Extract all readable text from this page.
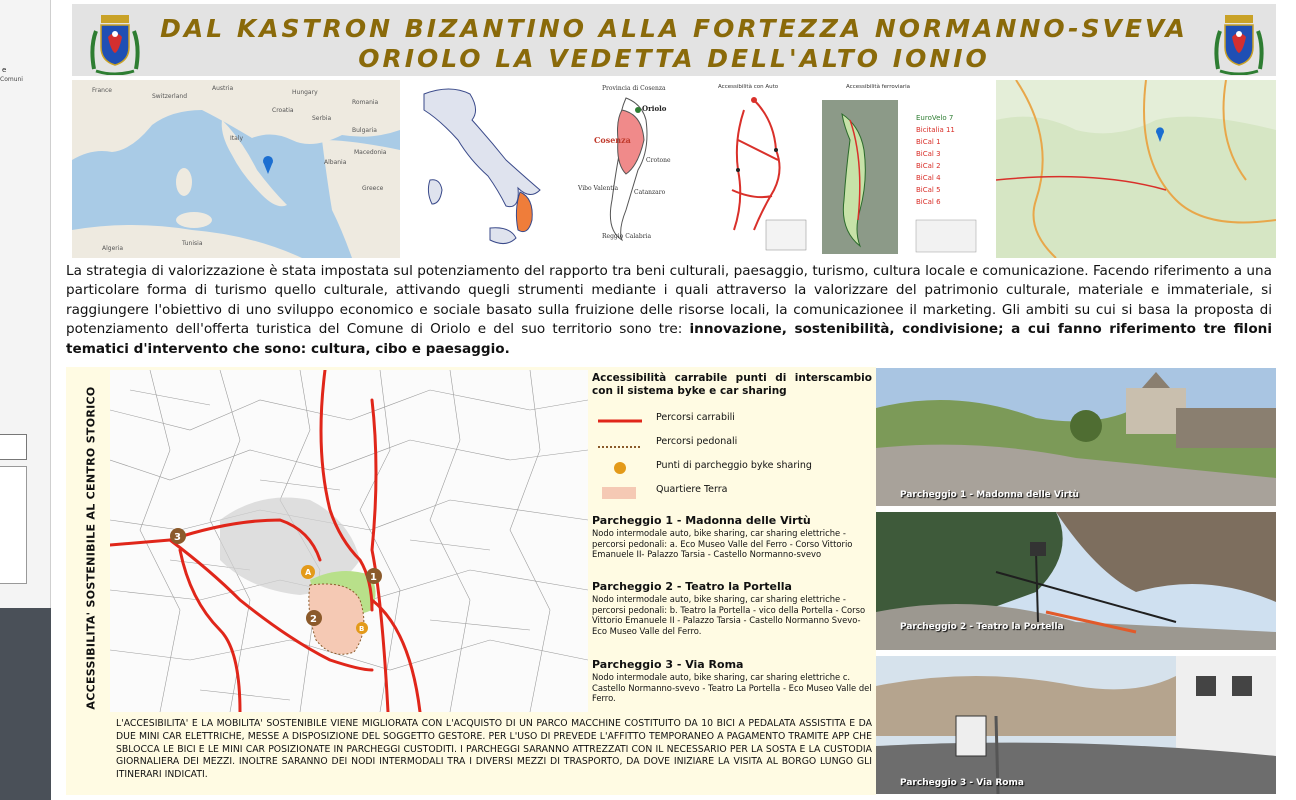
e
Comuni
DAL KASTRON BIZANTINO ALLA FORTEZZA NORMANNO-SVEVA
ORIOLO LA VEDETTA DELL'ALTO IONIO
France
Switzerland
Austria
Hungary
Romania
Croatia
Serbia
Italy
Bulgaria
Tunisia
Algeria
Albania
Greece
Macedonia
Provincia di Cosenza
Oriolo
Cosenza
Crotone
Vibo Valentia
Catanzaro
Reggio Calabria
Accessibilità con Auto	Accessibilità ferroviaria
EuroVelo 7
Bicitalia 11
BiCal 1
BiCal 3
BiCal 2
BiCal 4
BiCal 5
BiCal 6
La strategia di valorizzazione è stata impostata sul potenziamento del rapporto tra beni culturali, paesaggio, turismo, cultura locale e comunicazione. Facendo riferimento a una particolare forma di turismo quello culturale, attivando quegli strumenti mediante i quali attraverso la valorizzare del patrimonio culturale, materiale e immateriale, si raggiungere l'obiettivo di uno sviluppo economico e sociale basato sulla fruizione delle risorse locali, la comunicazionee il marketing. Gli ambiti su cui si basa la proposta di potenziamento dell'offerta turistica del Comune di Oriolo e del suo territorio sono tre: innovazione, sostenibilità, condivisione; a cui fanno riferimento tre filoni tematici d'intervento che sono: cultura, cibo e paesaggio.
ACCESSIBILITA' SOSTENIBILE AL CENTRO STORICO	3
1
2
A
B
Accessibilità carrabile punti di interscambio con il sistema byke e car sharing
Percorsi carrabili
Percorsi pedonali
Punti di parcheggio byke sharing
Quartiere Terra
Parcheggio 1 - Madonna delle Virtù
Nodo intermodale auto, bike sharing, car sharing elettriche - percorsi pedonali: a. Eco Museo Valle del Ferro - Corso Vittorio Emanuele II- Palazzo Tarsia - Castello Normanno-svevo
Parcheggio 2 - Teatro la Portella
Nodo intermodale auto, bike sharing, car sharing elettriche - percorsi pedonali: b. Teatro la Portella - vico della Portella - Corso Vittorio Emanuele II - Palazzo Tarsia - Castello Normanno Svevo- Eco Museo Valle del Ferro.
Parcheggio 3 - Via Roma
Nodo intermodale auto, bike sharing, car sharing elettriche c. Castello Normanno-svevo - Teatro La Portella - Eco Museo Valle del Ferro.
L'ACCESIBILITA' E LA MOBILITA' SOSTENIBILE VIENE MIGLIORATA CON L'ACQUISTO DI UN PARCO MACCHINE COSTITUITO DA 10 BICI A PEDALATA ASSISTITA E DA DUE MINI CAR ELETTRICHE, MESSE A DISPOSIZIONE DEL SOGGETTO GESTORE. PER L'USO DI PREVEDE L'AFFITTO TEMPORANEO A PAGAMENTO TRAMITE APP CHE SBLOCCA LE BICI E LE MINI CAR POSIZIONATE IN PARCHEGGI CUSTODITI. I PARCHEGGI SARANNO ATTREZZATI CON IL NECESSARIO PER LA SOSTA E LA CUSTODIA GIORNALIERA DEI MEZZI. INOLTRE SARANNO DEI NODI INTERMODALI TRA I DIVERSI MEZZI DI TRASPORTO, DA DOVE INIZIARE LA VISITA AL BORGO LUNGO GLI ITINERARI INDICATI.
Parcheggio 1 - Madonna delle Virtù
Parcheggio 2 - Teatro la Portella
Parcheggio 3 - Via Roma
